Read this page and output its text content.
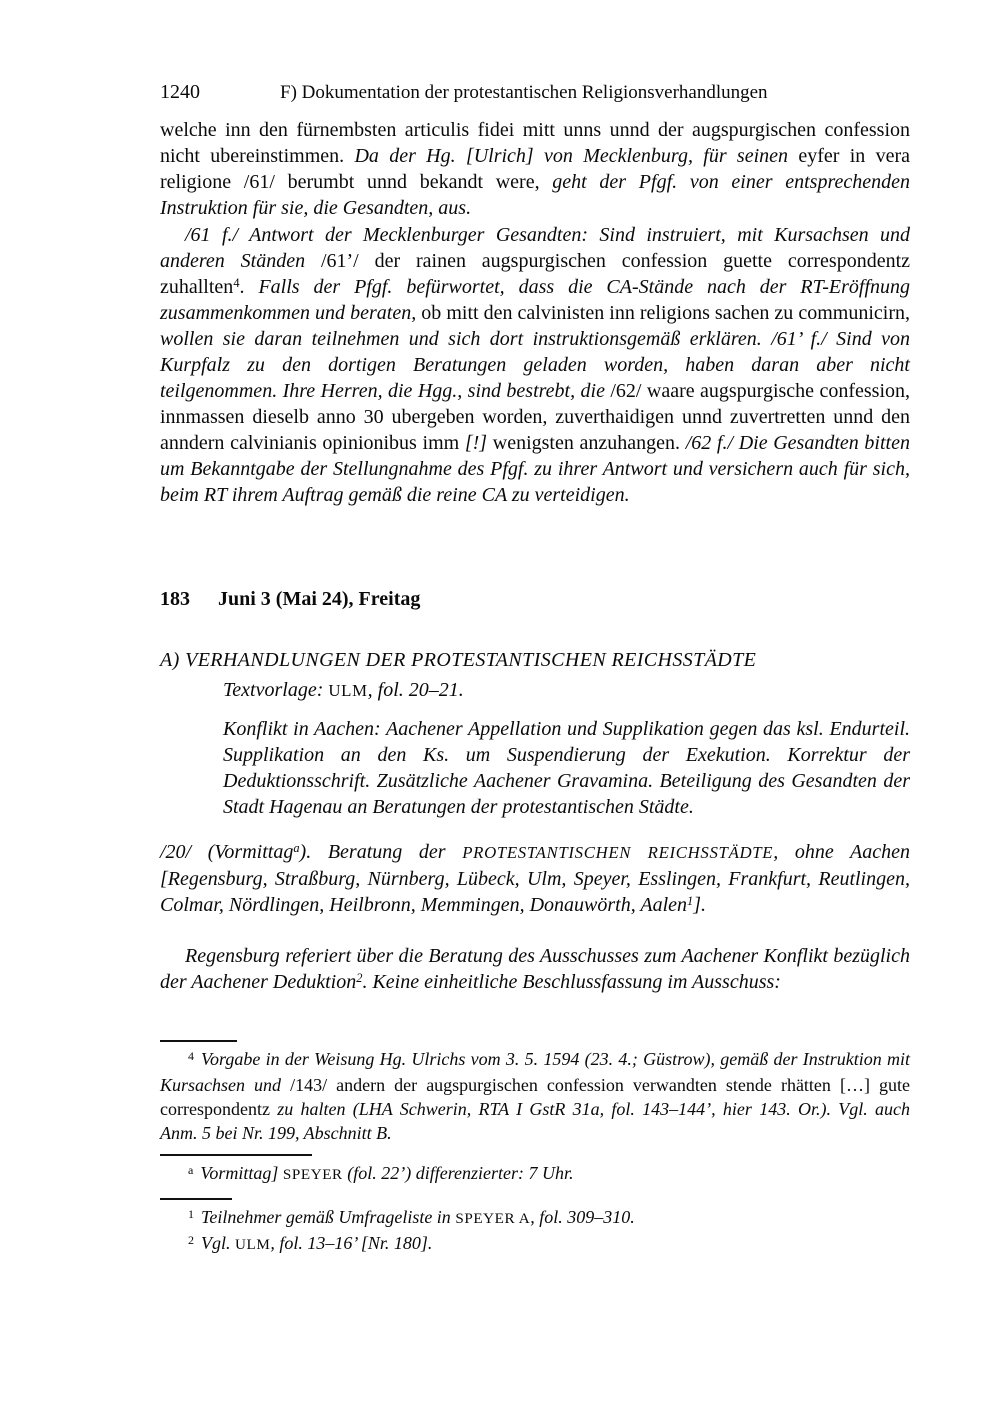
1240	F) Dokumentation der protestantischen Religionsverhandlungen
welche inn den fürnembsten articulis fidei mitt unns unnd der augspurgischen confession nicht ubereinstimmen. Da der Hg. [Ulrich] von Mecklenburg, für seinen eyfer in vera religione /61/ berumbt unnd bekandt were, geht der Pfgf. von einer entsprechenden Instruktion für sie, die Gesandten, aus.
/61 f./ Antwort der Mecklenburger Gesandten: Sind instruiert, mit Kursachsen und anderen Ständen /61’/ der rainen augspurgischen confession guette correspondentz zuhallten$^4$. Falls der Pfgf. befürwortet, dass die CA-Stände nach der RT-Eröffnung zusammenkommen und beraten, ob mitt den calvinisten inn religions sachen zu communicirn, wollen sie daran teilnehmen und sich dort instruktionsgemäß erklären. /61’ f./ Sind von Kurpfalz zu den dortigen Beratungen geladen worden, haben daran aber nicht teilgenommen. Ihre Herren, die Hgg., sind bestrebt, die /62/ waare augspurgische confession, innmassen dieselb anno 30 ubergeben worden, zuverthaidigen unnd zuvertretten unnd den anndern calvinianis opinionibus imm [!] wenigsten anzuhangen. /62 f./ Die Gesandten bitten um Bekanntgabe der Stellungnahme des Pfgf. zu ihrer Antwort und versichern auch für sich, beim RT ihrem Auftrag gemäß die reine CA zu verteidigen.
183 Juni 3 (Mai 24), Freitag
A) VERHANDLUNGEN DER PROTESTANTISCHEN REICHSSTÄDTE
Textvorlage: ULM, fol. 20–21.
Konflikt in Aachen: Aachener Appellation und Supplikation gegen das ksl. Endurteil. Supplikation an den Ks. um Suspendierung der Exekution. Korrektur der Deduktionsschrift. Zusätzliche Aachener Gravamina. Beteiligung des Gesandten der Stadt Hagenau an Beratungen der protestantischen Städte.
/20/ (Vormittag$^a$). Beratung der PROTESTANTISCHEN REICHSSTÄDTE, ohne Aachen [Regensburg, Straßburg, Nürnberg, Lübeck, Ulm, Speyer, Esslingen, Frankfurt, Reutlingen, Colmar, Nördlingen, Heilbronn, Memmingen, Donauwörth, Aalen$^1$].
Regensburg referiert über die Beratung des Ausschusses zum Aachener Konflikt bezüglich der Aachener Deduktion$^2$. Keine einheitliche Beschlussfassung im Ausschuss:

$^4$ Vorgabe in der Weisung Hg. Ulrichs vom 3. 5. 1594 (23. 4.; Güstrow), gemäß der Instruktion mit Kursachsen und /143/ andern der augspurgischen confession verwandten stende rhätten […] gute correspondentz zu halten (LHA Schwerin, RTA I GstR 31a, fol. 143–144’, hier 143. Or.). Vgl. auch Anm. 5 bei Nr. 199, Abschnitt B.

$^a$ Vormittag] SPEYER (fol. 22’) differenzierter: 7 Uhr.

$^1$ Teilnehmer gemäß Umfrageliste in SPEYER A, fol. 309–310.

$^2$ Vgl. ULM, fol. 13–16’ [Nr. 180].
